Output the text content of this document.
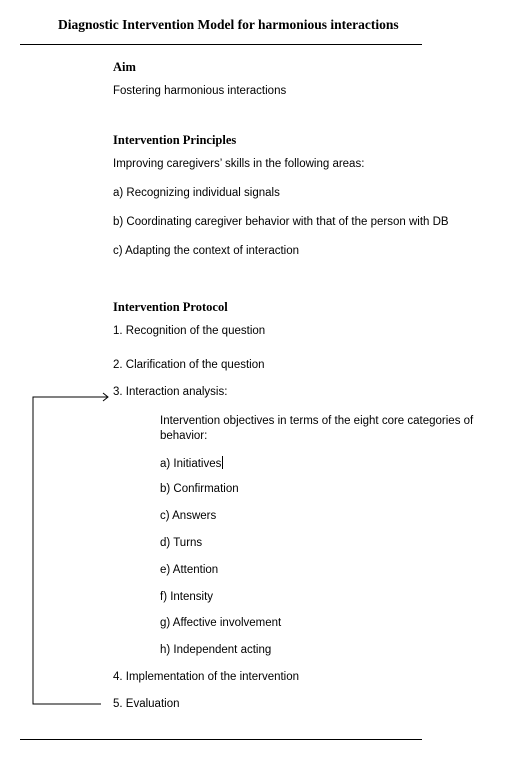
Diagnostic Intervention Model for harmonious interactions
Aim
Fostering harmonious interactions
Intervention Principles
Improving caregivers’ skills in the following areas:
a) Recognizing individual signals
b) Coordinating caregiver behavior with that of the person with DB
c) Adapting the context of interaction
Intervention Protocol
1. Recognition of the question
2. Clarification of the question
3. Interaction analysis:
Intervention objectives in terms of the eight core categories of behavior:
a) Initiatives
b) Confirmation
c) Answers
d) Turns
e) Attention
f) Intensity
g) Affective involvement
h) Independent acting
4. Implementation of the intervention
5. Evaluation
